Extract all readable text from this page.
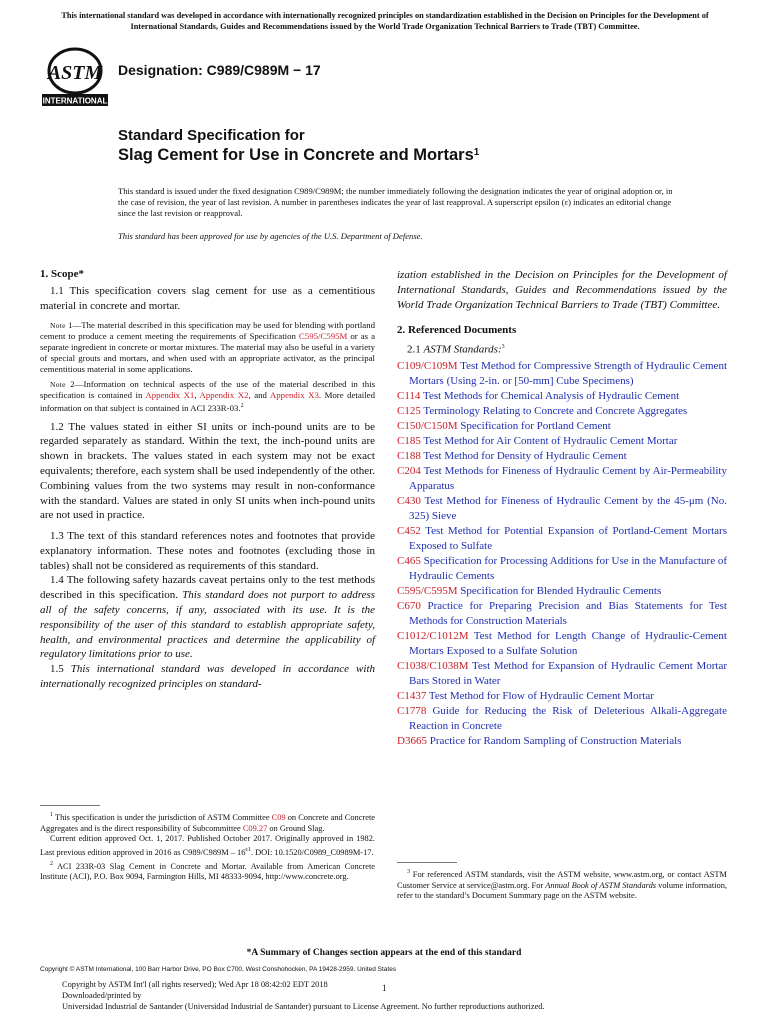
This international standard was developed in accordance with internationally recognized principles on standardization established in the Decision on Principles for the Development of International Standards, Guides and Recommendations issued by the World Trade Organization Technical Barriers to Trade (TBT) Committee.
ASTM
INTERNATIONAL
Designation: C989/C989M − 17
Standard Specification for
Slag Cement for Use in Concrete and Mortars$^1$
This standard is issued under the fixed designation C989/C989M; the number immediately following the designation indicates the year of original adoption or, in the case of revision, the year of last revision. A number in parentheses indicates the year of last reapproval. A superscript epsilon (ε) indicates an editorial change since the last revision or reapproval.
This standard has been approved for use by agencies of the U.S. Department of Defense.
1. Scope*

1.1 This specification covers slag cement for use as a cementitious material in concrete and mortar.

Note 1—The material described in this specification may be used for blending with portland cement to produce a cement meeting the requirements of Specification C595/C595M or as a separate ingredient in concrete or mortar mixtures. The material may also be useful in a variety of special grouts and mortars, and when used with an appropriate activator, as the principal cementitious material in some applications.

Note 2—Information on technical aspects of the use of the material described in this specification is contained in Appendix X1, Appendix X2, and Appendix X3. More detailed information on that subject is contained in ACI 233R-03.$^2$

1.2 The values stated in either SI units or inch-pound units are to be regarded separately as standard. Within the text, the inch-pound units are shown in brackets. The values stated in each system may not be exact equivalents; therefore, each system shall be used independently of the other. Combining values from the two systems may result in non-conformance with the standard. Values are stated in only SI units when inch-pound units are not used in practice.

1.3 The text of this standard references notes and footnotes that provide explanatory information. These notes and footnotes (excluding those in tables) shall not be considered as requirements of this standard.

1.4 The following safety hazards caveat pertains only to the test methods described in this specification. This standard does not purport to address all of the safety concerns, if any, associated with its use. It is the responsibility of the user of this standard to establish appropriate safety, health, and environmental practices and determine the applicability of regulatory limitations prior to use.

1.5 This international standard was developed in accordance with internationally recognized principles on standard-

$^1$ This specification is under the jurisdiction of ASTM Committee C09 on Concrete and Concrete Aggregates and is the direct responsibility of Subcommittee C09.27 on Ground Slag.

Current edition approved Oct. 1, 2017. Published October 2017. Originally approved in 1982. Last previous edition approved in 2016 as $C989/C989M - 16^{\varepsilon 1}$. DOI: 10.1520/C0989_C0989M-17.

$^2$ ACI 233R-03 Slag Cement in Concrete and Mortar. Available from American Concrete Institute (ACI), P.O. Box 9094, Farmington Hills, MI 48333-9094, http://www.concrete.org.

ization established in the Decision on Principles for the Development of International Standards, Guides and Recommendations issued by the World Trade Organization Technical Barriers to Trade (TBT) Committee.

2. Referenced Documents

2.1 ASTM Standards:$^3$

C109/C109M Test Method for Compressive Strength of Hydraulic Cement Mortars (Using 2-in. or [50-mm] Cube Specimens)

C114 Test Methods for Chemical Analysis of Hydraulic Cement

C125 Terminology Relating to Concrete and Concrete Aggregates

C150/C150M Specification for Portland Cement

C185 Test Method for Air Content of Hydraulic Cement Mortar

C188 Test Method for Density of Hydraulic Cement

C204 Test Methods for Fineness of Hydraulic Cement by Air-Permeability Apparatus

C430 Test Method for Fineness of Hydraulic Cement by the 45-μm (No. 325) Sieve

C452 Test Method for Potential Expansion of Portland-Cement Mortars Exposed to Sulfate

C465 Specification for Processing Additions for Use in the Manufacture of Hydraulic Cements

C595/C595M Specification for Blended Hydraulic Cements

C670 Practice for Preparing Precision and Bias Statements for Test Methods for Construction Materials

C1012/C1012M Test Method for Length Change of Hydraulic-Cement Mortars Exposed to a Sulfate Solution

C1038/C1038M Test Method for Expansion of Hydraulic Cement Mortar Bars Stored in Water

C1437 Test Method for Flow of Hydraulic Cement Mortar

C1778 Guide for Reducing the Risk of Deleterious Alkali-Aggregate Reaction in Concrete

D3665 Practice for Random Sampling of Construction Materials

$^3$ For referenced ASTM standards, visit the ASTM website, www.astm.org, or contact ASTM Customer Service at service@astm.org. For Annual Book of ASTM Standards volume information, refer to the standard’s Document Summary page on the ASTM website.

*A Summary of Changes section appears at the end of this standard
Copyright © ASTM International, 100 Barr Harbor Drive, PO Box C700, West Conshohocken, PA 19428-2959. United States
Copyright by ASTM Int'l (all rights reserved); Wed Apr 18 08:42:02 EDT 2018
Downloaded/printed by
Universidad Industrial de Santander (Universidad Industrial de Santander) pursuant to License Agreement. No further reproductions authorized.
1
